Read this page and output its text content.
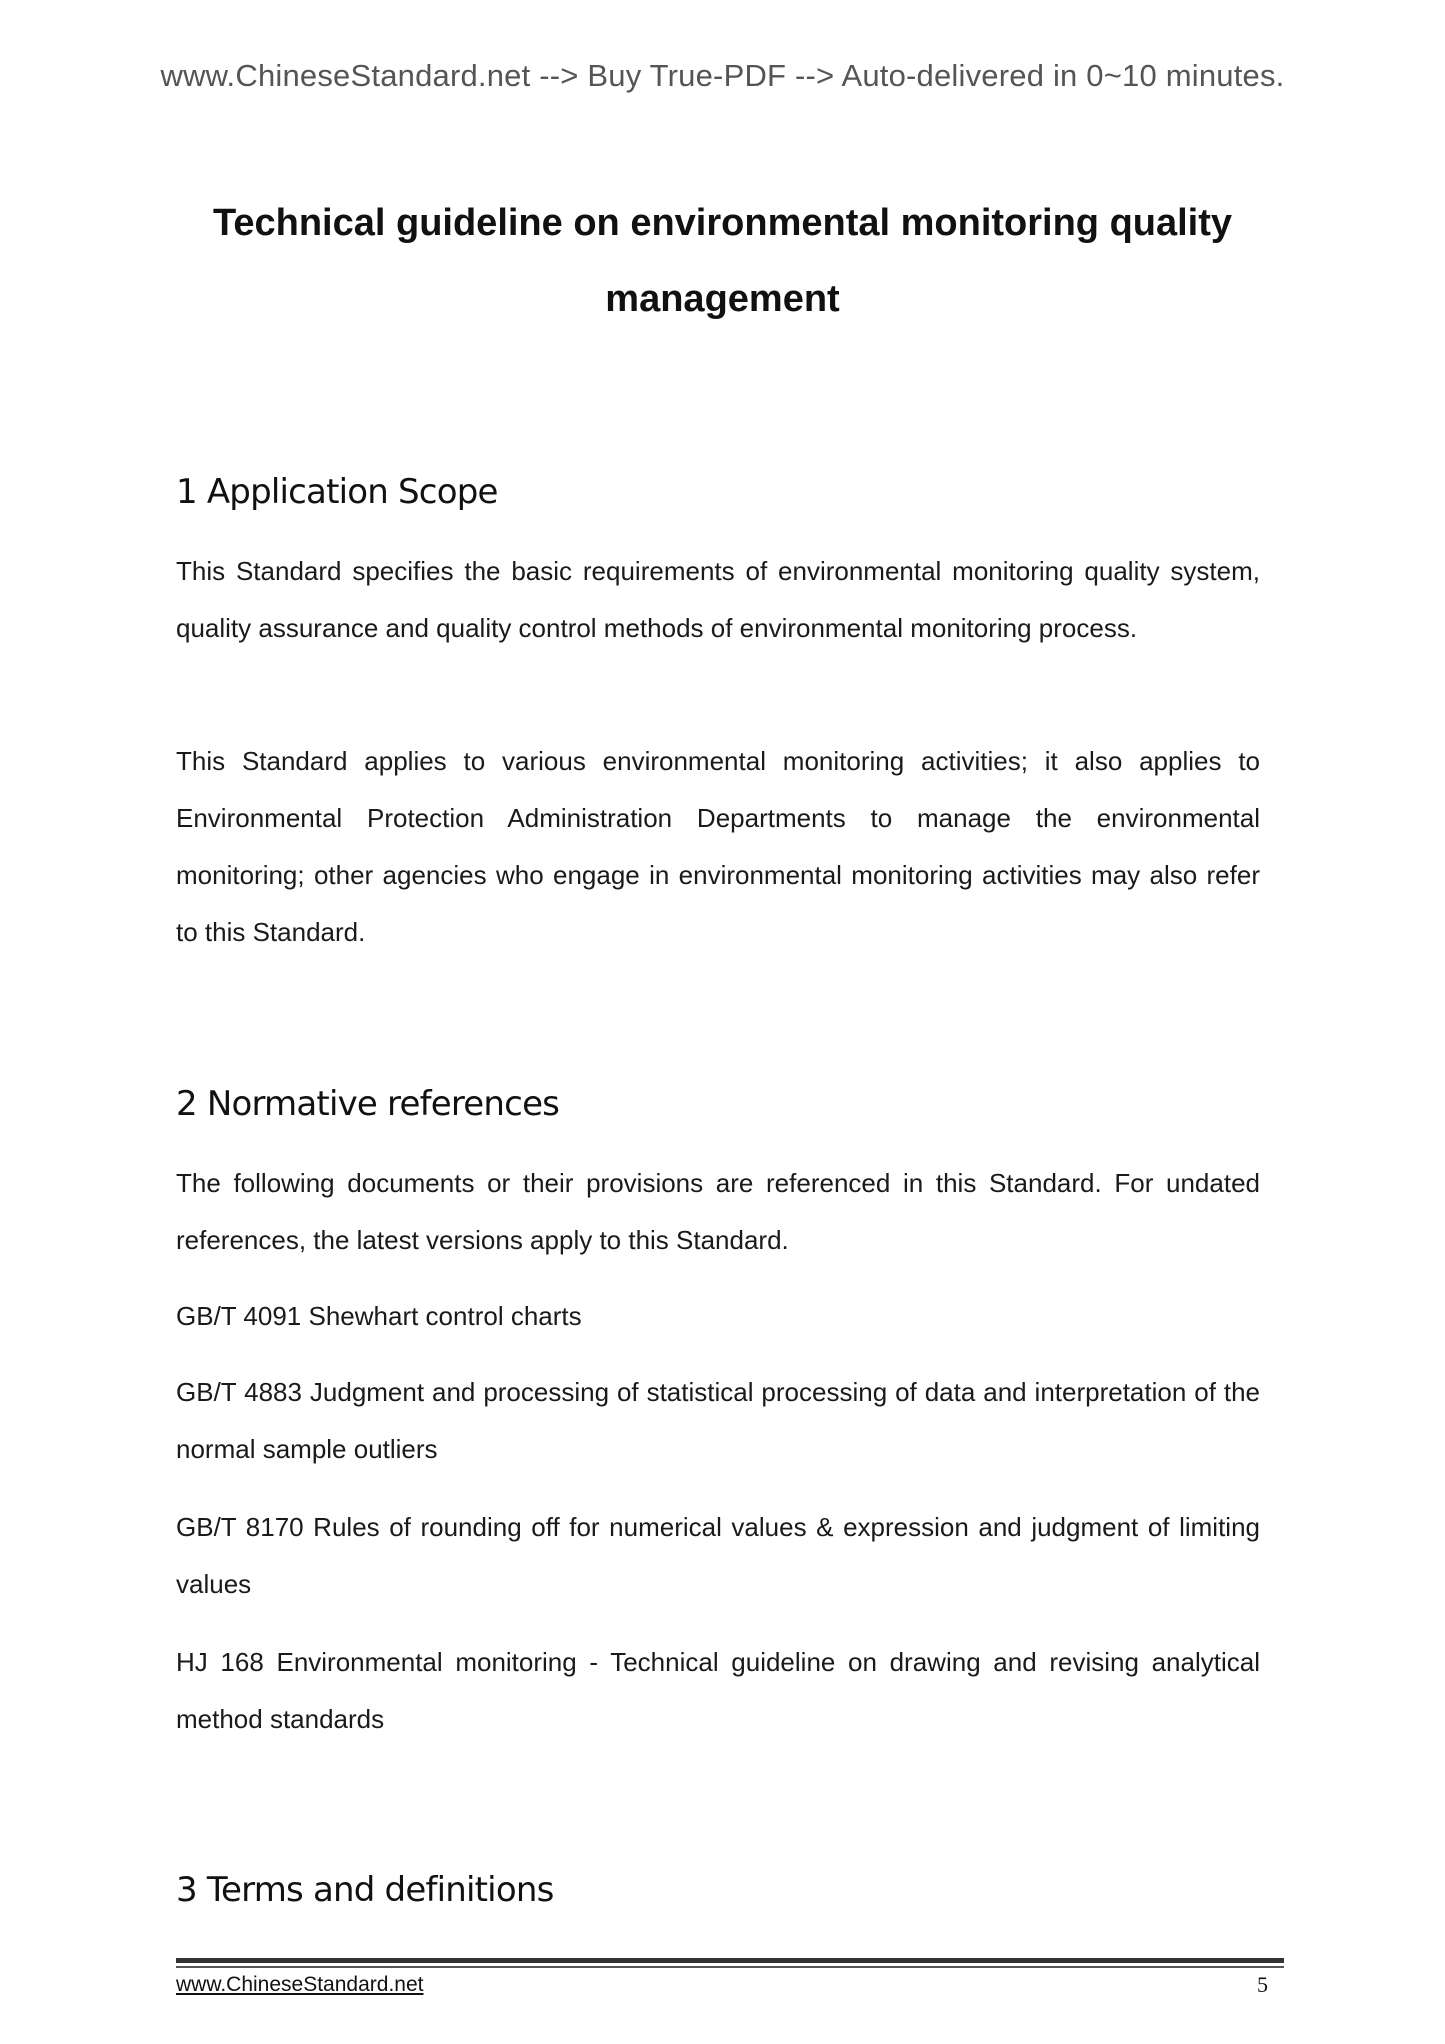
www.ChineseStandard.net --> Buy True-PDF --> Auto-delivered in 0~10 minutes.
Technical guideline on environmental monitoring quality
management
1 Application Scope

This Standard specifies the basic requirements of environmental monitoring quality system, quality assurance and quality control methods of environmental monitoring process.

This Standard applies to various environmental monitoring activities; it also applies to Environmental Protection Administration Departments to manage the environmental monitoring; other agencies who engage in environmental monitoring activities may also refer to this Standard.

2 Normative references

The following documents or their provisions are referenced in this Standard. For undated references, the latest versions apply to this Standard.

GB/T 4091 Shewhart control charts

GB/T 4883 Judgment and processing of statistical processing of data and interpretation of the normal sample outliers

GB/T 8170 Rules of rounding off for numerical values & expression and judgment of limiting values

HJ 168 Environmental monitoring - Technical guideline on drawing and revising analytical method standards

3 Terms and definitions
www.ChineseStandard.net	5
